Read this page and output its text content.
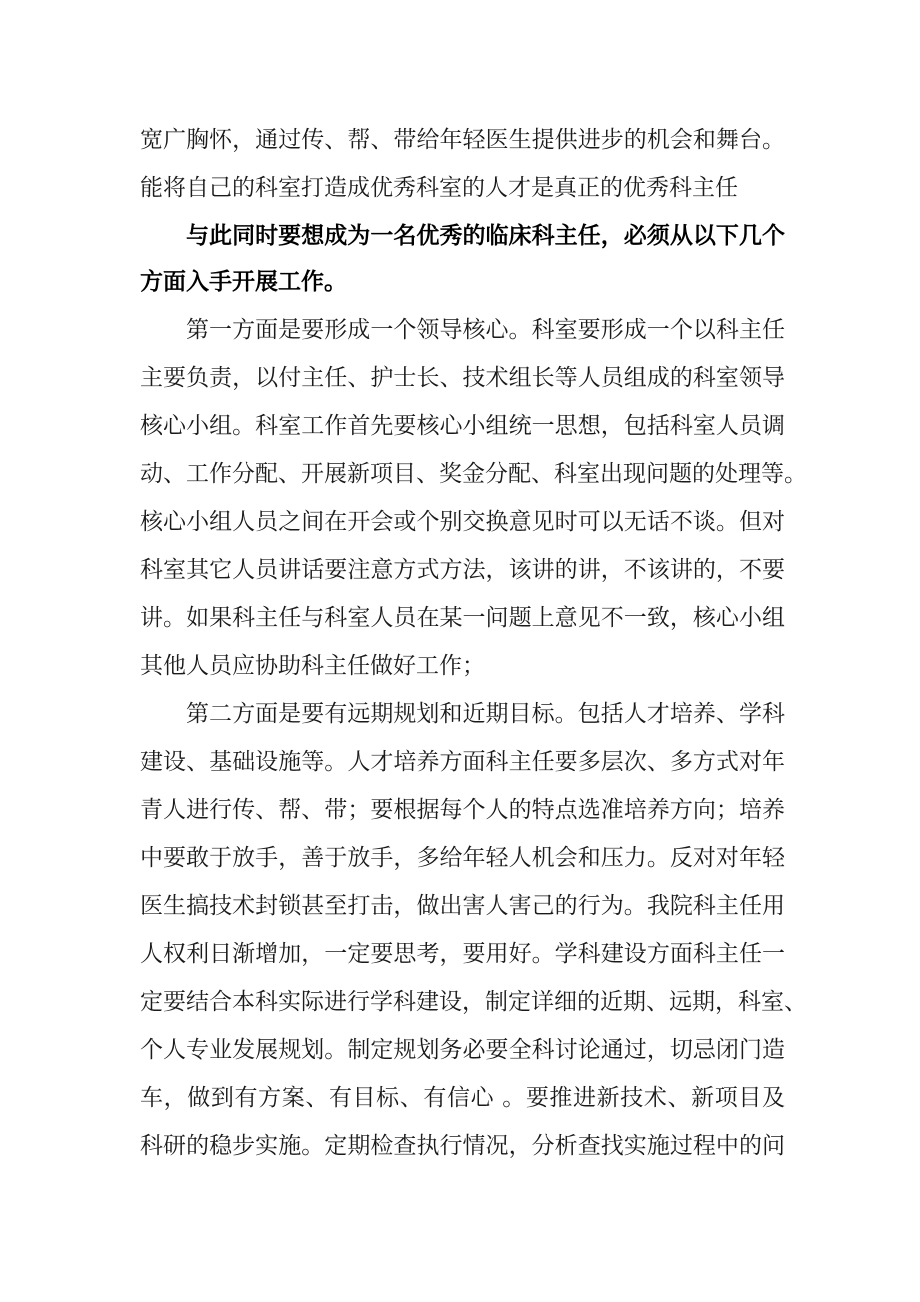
宽广胸怀，通过传、帮、带给年轻医生提供进步的机会和舞台。
能将自己的科室打造成优秀科室的人才是真正的优秀科主任
与此同时要想成为一名优秀的临床科主任，必须从以下几个
方面入手开展工作。
第一方面是要形成一个领导核心。科室要形成一个以科主任
主要负责，以付主任、护士长、技术组长等人员组成的科室领导
核心小组。科室工作首先要核心小组统一思想，包括科室人员调
动、工作分配、开展新项目、奖金分配、科室出现问题的处理等。
核心小组人员之间在开会或个别交换意见时可以无话不谈。但对
科室其它人员讲话要注意方式方法，该讲的讲，不该讲的，不要
讲。如果科主任与科室人员在某一问题上意见不一致，核心小组
其他人员应协助科主任做好工作；
第二方面是要有远期规划和近期目标。包括人才培养、学科
建设、基础设施等。人才培养方面科主任要多层次、多方式对年
青人进行传、帮、带；要根据每个人的特点选准培养方向；培养
中要敢于放手，善于放手，多给年轻人机会和压力。反对对年轻
医生搞技术封锁甚至打击，做出害人害己的行为。我院科主任用
人权利日渐增加，一定要思考，要用好。学科建设方面科主任一
定要结合本科实际进行学科建设，制定详细的近期、远期，科室、
个人专业发展规划。制定规划务必要全科讨论通过，切忌闭门造
车，做到有方案、有目标、有信心 。要推进新技术、新项目及
科研的稳步实施。定期检查执行情况，分析查找实施过程中的问
